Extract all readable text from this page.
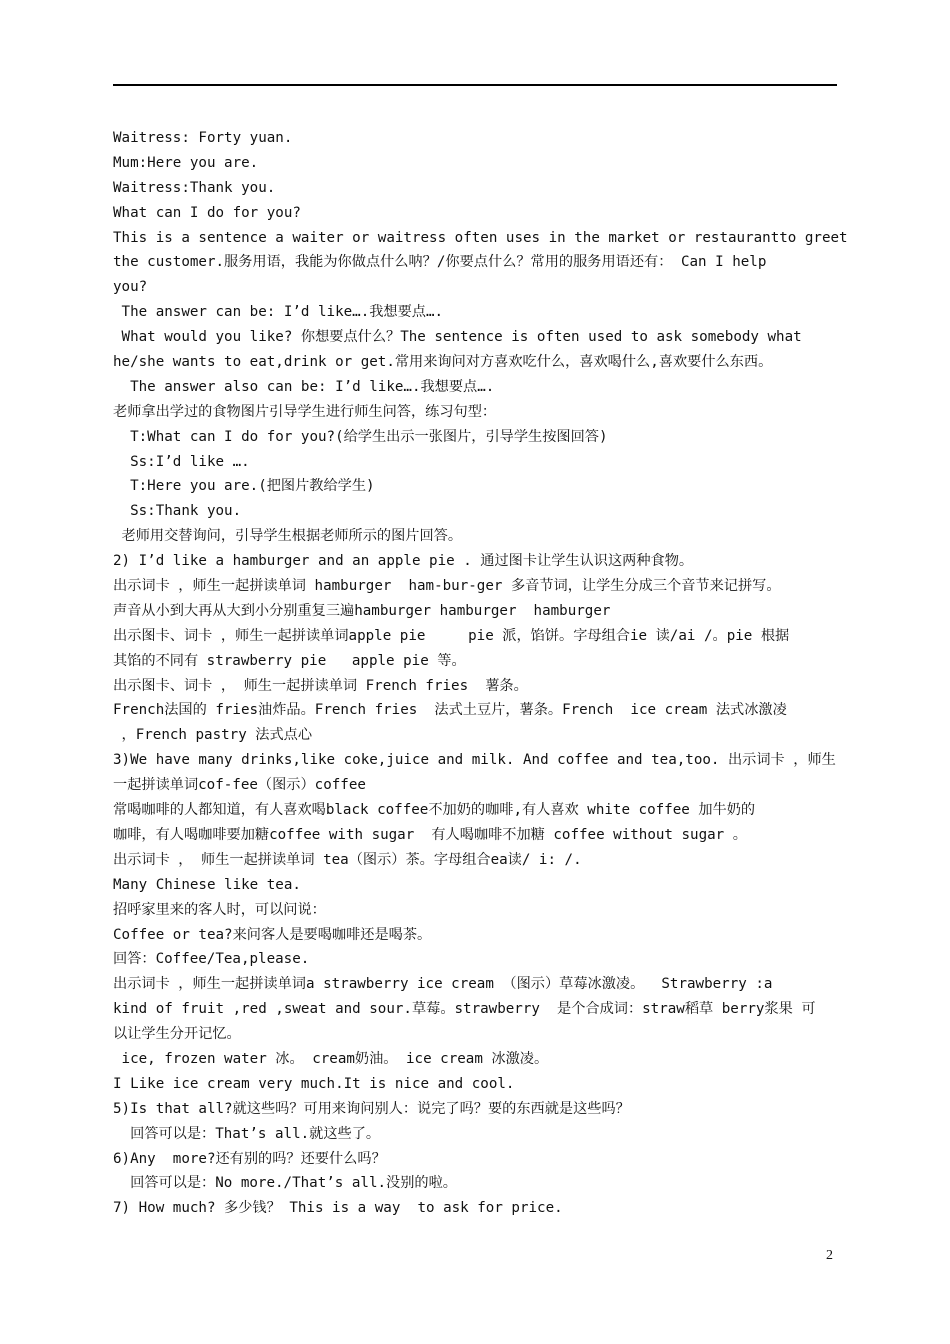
Waitress: Forty yuan.
Mum:Here you are.
Waitress:Thank you.
What can I do for you?
This is a sentence a waiter or waitress often uses in the market or restaurantto greet
the customer.服务用语，我能为你做点什么呐？/你要点什么？常用的服务用语还有： Can I help
you?
The answer can be: I’d like….我想要点….
What would you like? 你想要点什么？The sentence is often used to ask somebody what
he/she wants to eat,drink or get.常用来询问对方喜欢吃什么，喜欢喝什么,喜欢要什么东西。
The answer also can be: I’d like….我想要点….
老师拿出学过的食物图片引导学生进行师生问答，练习句型：
T:What can I do for you?(给学生出示一张图片，引导学生按图回答)
Ss:I’d like ….
T:Here you are.(把图片教给学生)
Ss:Thank you.
老师用交替询问，引导学生根据老师所示的图片回答。
2) I’d like a hamburger and an apple pie . 通过图卡让学生认识这两种食物。
出示词卡 ，师生一起拼读单词 hamburger  ham-bur-ger 多音节词，让学生分成三个音节来记拼写。
声音从小到大再从大到小分别重复三遍hamburger hamburger  hamburger
出示图卡、词卡 ，师生一起拼读单词apple pie     pie 派，馅饼。字母组合ie 读/ai /。pie 根据
其馅的不同有 strawberry pie   apple pie 等。
出示图卡、词卡 ， 师生一起拼读单词 French fries  薯条。
French法国的 fries油炸品。French fries  法式土豆片，薯条。French  ice cream 法式冰激凌
，French pastry 法式点心
3)We have many drinks,like coke,juice and milk. And coffee and tea,too. 出示词卡 ，师生
一起拼读单词cof-fee（图示）coffee
常喝咖啡的人都知道，有人喜欢喝black coffee不加奶的咖啡,有人喜欢 white coffee 加牛奶的
咖啡，有人喝咖啡要加糖coffee with sugar  有人喝咖啡不加糖 coffee without sugar 。
出示词卡 ， 师生一起拼读单词 tea（图示）茶。字母组合ea读/ i: /.
Many Chinese like tea.
招呼家里来的客人时，可以问说：
Coffee or tea?来问客人是要喝咖啡还是喝茶。
回答：Coffee/Tea,please.
出示词卡 ，师生一起拼读单词a strawberry ice cream （图示）草莓冰激凌。  Strawberry :a
kind of fruit ,red ,sweat and sour.草莓。strawberry  是个合成词：straw稻草 berry浆果 可
以让学生分开记忆。
ice, frozen water 冰。 cream奶油。 ice cream 冰激凌。
I Like ice cream very much.It is nice and cool.
5)Is that all?就这些吗？可用来询问别人：说完了吗？要的东西就是这些吗？
回答可以是：That’s all.就这些了。
6)Any  more?还有别的吗？还要什么吗？
回答可以是：No more./That’s all.没别的啦。
7) How much? 多少钱？ This is a way  to ask for price.
2
